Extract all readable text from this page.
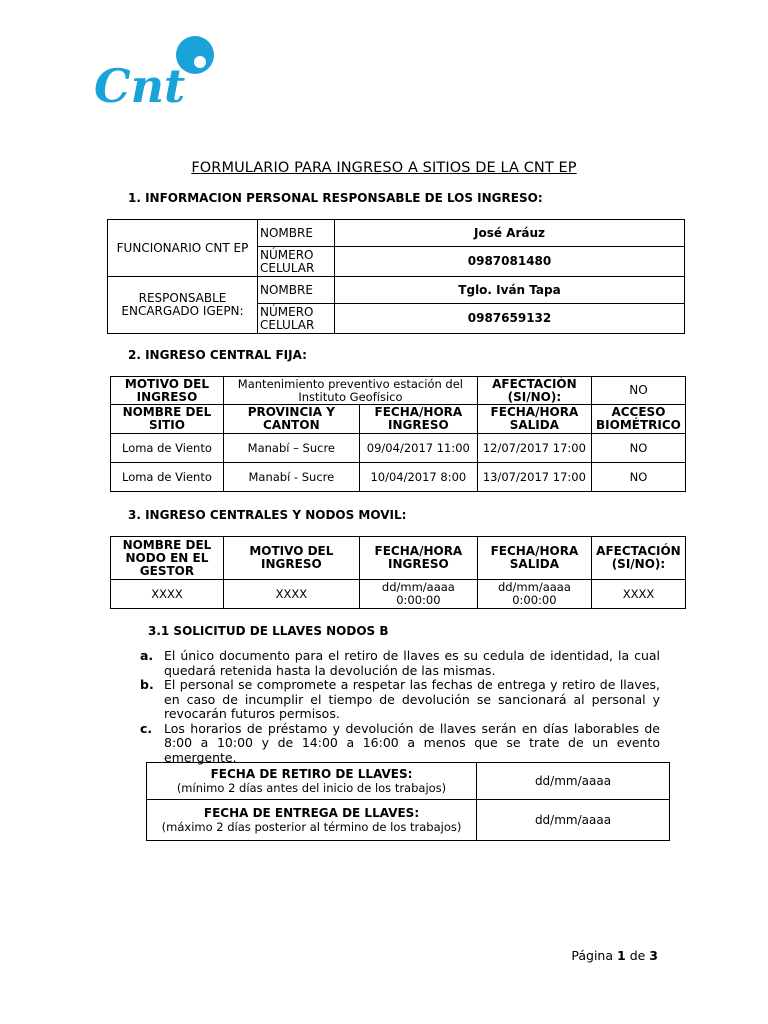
Cnt
FORMULARIO PARA INGRESO A SITIOS DE LA CNT EP
1. INFORMACION PERSONAL RESPONSABLE DE LOS INGRESO:
FUNCIONARIO CNT EP	NOMBRE	José Aráuz
	NÚMERO CELULAR	0987081480
RESPONSABLE ENCARGADO IGEPN:	NOMBRE	Tglo. Iván Tapa
	NÚMERO CELULAR	0987659132
2. INGRESO CENTRAL FIJA:
MOTIVO DEL INGRESO	Mantenimiento preventivo estación del Instituto Geofísico		AFECTACIÓN (SI/NO):	NO
NOMBRE DEL SITIO	PROVINCIA Y CANTON	FECHA/HORA INGRESO	FECHA/HORA SALIDA	ACCESO BIOMÉTRICO
Loma de Viento	Manabí – Sucre	09/04/2017 11:00	12/07/2017 17:00	NO
Loma de Viento	Manabí - Sucre	10/04/2017 8:00	13/07/2017 17:00	NO
3. INGRESO CENTRALES Y NODOS MOVIL:
NOMBRE DEL NODO EN EL GESTOR	MOTIVO DEL INGRESO	FECHA/HORA INGRESO	FECHA/HORA SALIDA	AFECTACIÓN (SI/NO):
XXXX	XXXX	dd/mm/aaaa 0:00:00	dd/mm/aaaa 0:00:00	XXXX
3.1 SOLICITUD DE LLAVES NODOS B
a. El único documento para el retiro de llaves es su cedula de identidad, la cual quedará retenida hasta la devolución de las mismas.
b. El personal se compromete a respetar las fechas de entrega y retiro de llaves, en caso de incumplir el tiempo de devolución se sancionará al personal y revocarán futuros permisos.
c. Los horarios de préstamo y devolución de llaves serán en días laborables de 8:00 a 10:00 y de 14:00 a 16:00 a menos que se trate de un evento emergente.
FECHA DE RETIRO DE LLAVES:
(mínimo 2 días antes del inicio de los trabajos)	dd/mm/aaaa

FECHA DE ENTREGA DE LLAVES:
(máximo 2 días posterior al término de los trabajos)	dd/mm/aaaa
Página 1 de 3
